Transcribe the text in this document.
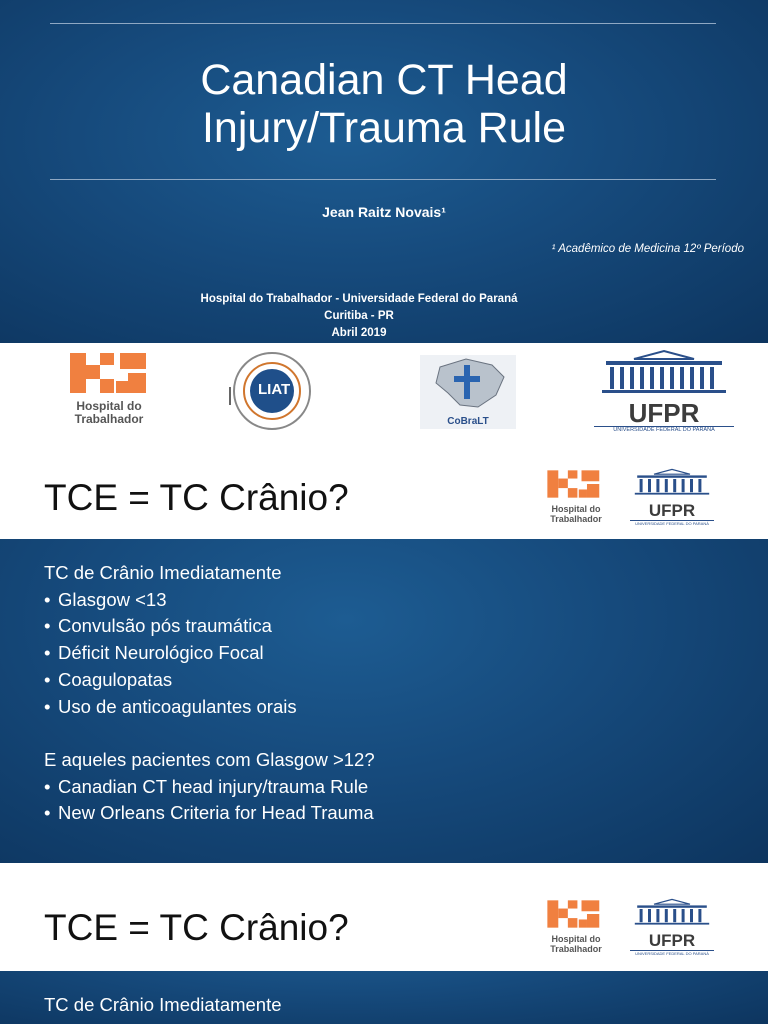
Canadian CT Head
Injury/Trauma Rule
Jean Raitz Novais¹
¹ Acadêmico de Medicina 12º Período
Hospital do Trabalhador - Universidade Federal do Paraná
Curitiba - PR
Abril 2019
Hospital do
Trabalhador
LIAT
CoBraLT	UFPR
UNIVERSIDADE FEDERAL DO PARANÁ
TCE = TC Crânio?	Hospital do
Trabalhador	UFPR
UNIVERSIDADE FEDERAL DO PARANÁ
TC de Crânio Imediatamente
• Glasgow <13
• Convulsão pós traumática
• Déficit Neurológico Focal
• Coagulopatas
• Uso de anticoagulantes orais
E aqueles pacientes com Glasgow >12?
• Canadian CT head injury/trauma Rule
• New Orleans Criteria for Head Trauma
TCE = TC Crânio?	Hospital do
Trabalhador	UFPR
UNIVERSIDADE FEDERAL DO PARANÁ
TC de Crânio Imediatamente
